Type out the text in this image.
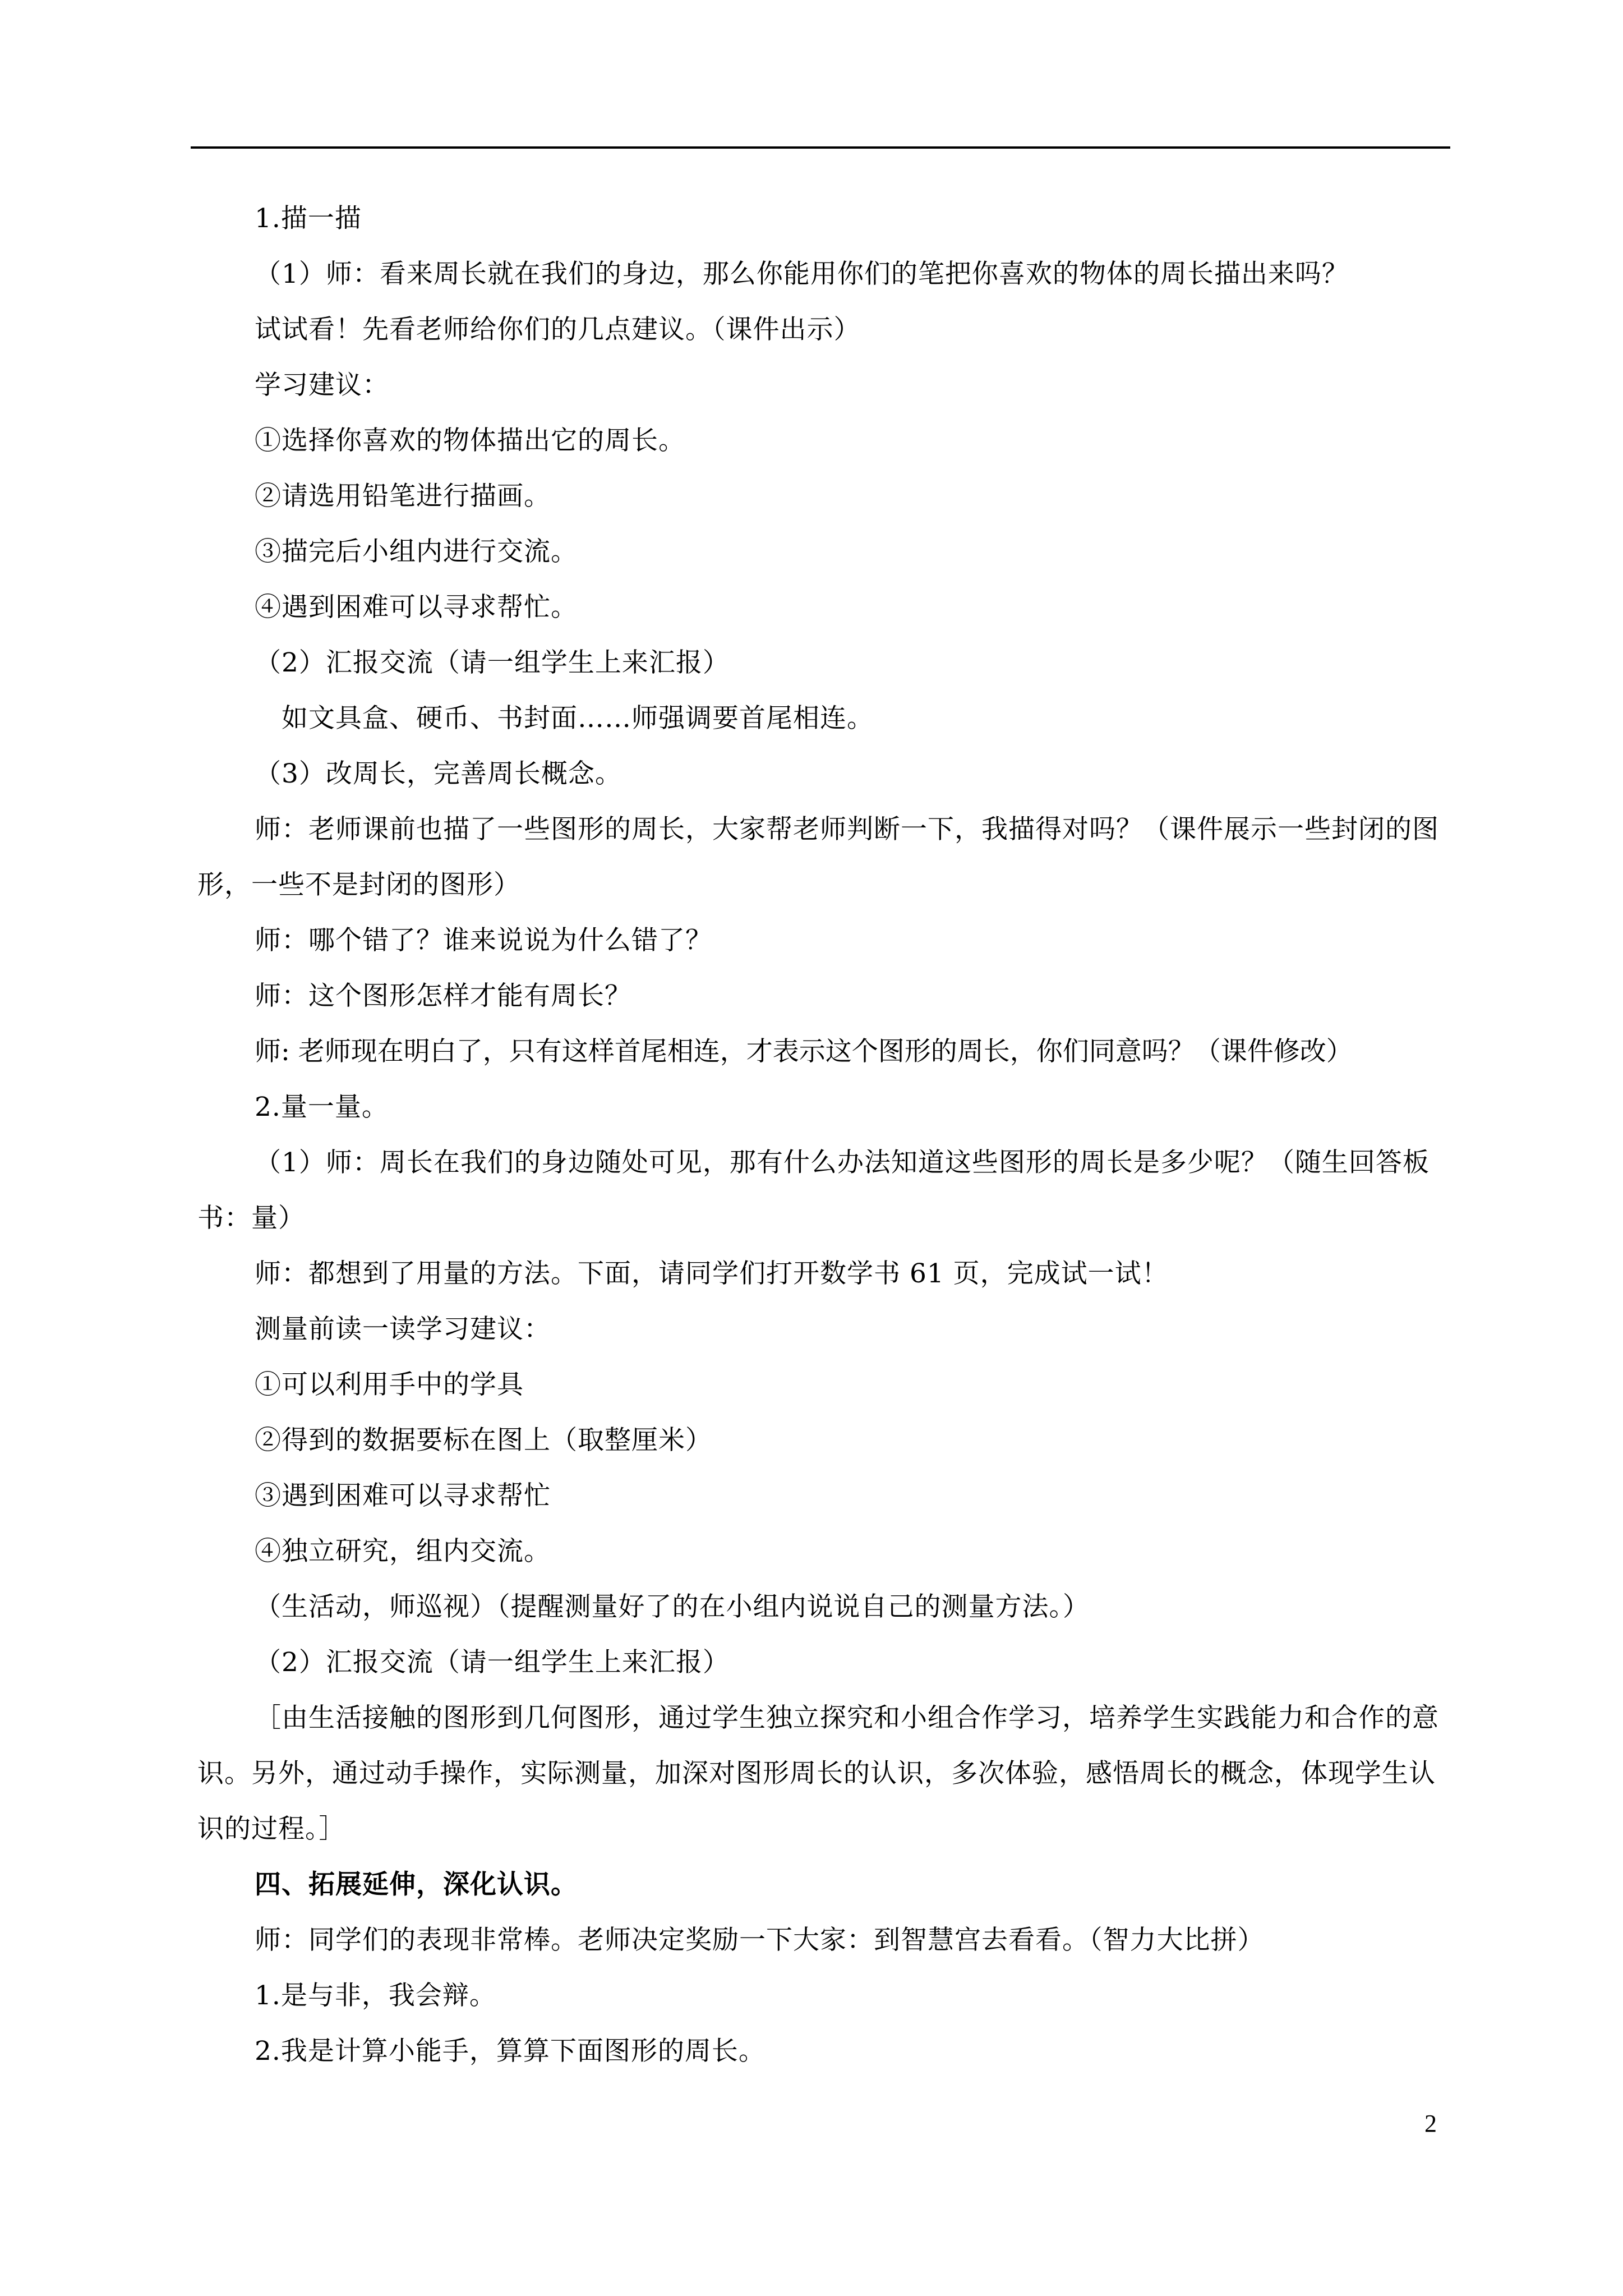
1.描一描
（1）师：看来周长就在我们的身边，那么你能用你们的笔把你喜欢的物体的周长描出来吗？
试试看！先看老师给你们的几点建议。（课件出示）
学习建议：
①选择你喜欢的物体描出它的周长。
②请选用铅笔进行描画。
③描完后小组内进行交流。
④遇到困难可以寻求帮忙。
（2）汇报交流（请一组学生上来汇报）
如文具盒、硬币、书封面……师强调要首尾相连。
（3）改周长，完善周长概念。
师：老师课前也描了一些图形的周长，大家帮老师判断一下，我描得对吗？（课件展示一些封闭的图形，一些不是封闭的图形）
师：哪个错了？谁来说说为什么错了？
师：这个图形怎样才能有周长？
师: 老师现在明白了，只有这样首尾相连，才表示这个图形的周长，你们同意吗？（课件修改）
2.量一量。
（1）师：周长在我们的身边随处可见，那有什么办法知道这些图形的周长是多少呢？（随生回答板书：量）
师：都想到了用量的方法。下面，请同学们打开数学书 61 页，完成试一试！
测量前读一读学习建议：
①可以利用手中的学具
②得到的数据要标在图上（取整厘米）
③遇到困难可以寻求帮忙
④独立研究，组内交流。
（生活动，师巡视）（提醒测量好了的在小组内说说自己的测量方法。）
（2）汇报交流（请一组学生上来汇报）
［由生活接触的图形到几何图形，通过学生独立探究和小组合作学习，培养学生实践能力和合作的意识。另外，通过动手操作，实际测量，加深对图形周长的认识，多次体验，感悟周长的概念，体现学生认识的过程。］
四、拓展延伸，深化认识。
师：同学们的表现非常棒。老师决定奖励一下大家：到智慧宫去看看。（智力大比拼）
1.是与非，我会辩。
2.我是计算小能手，算算下面图形的周长。
2
